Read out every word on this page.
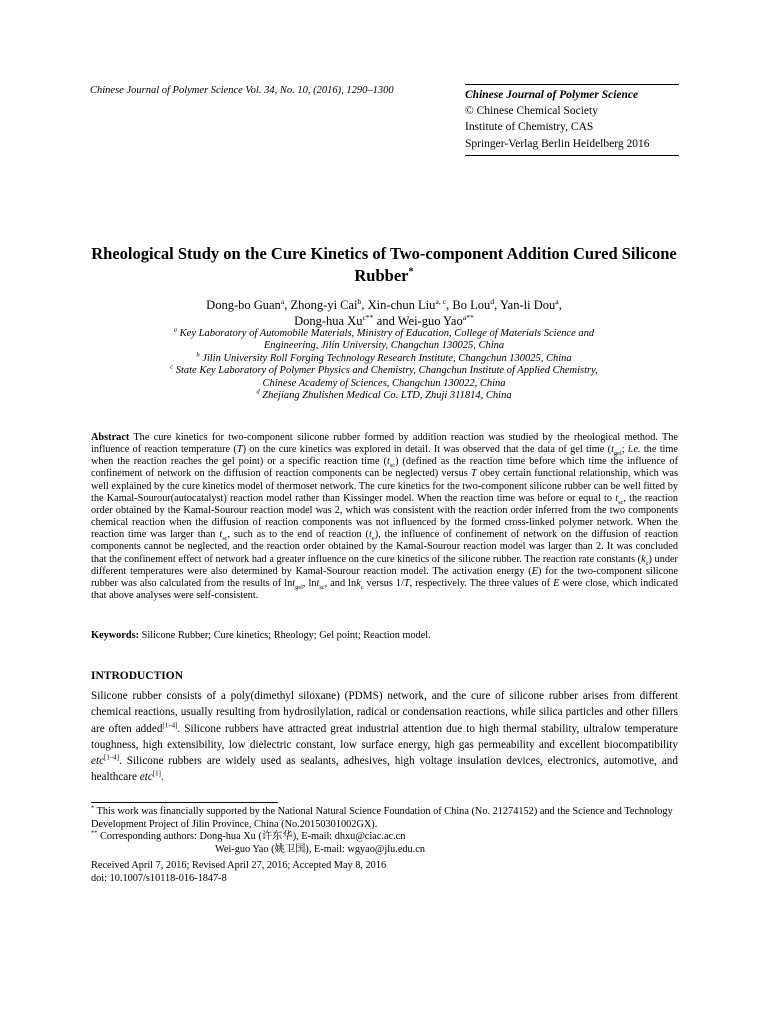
Chinese Journal of Polymer Science Vol. 34, No. 10, (2016), 1290–1300	Chinese Journal of Polymer Science
© Chinese Chemical Society
Institute of Chemistry, CAS
Springer-Verlag Berlin Heidelberg 2016
Rheological Study on the Cure Kinetics of Two-component Addition Cured Silicone Rubber*
Dong-bo Guan$^a$, Zhong-yi Cai$^b$, Xin-chun Liu$^{a, c}$, Bo Lou$^d$, Yan-li Dou$^a$,
Dong-hua $Xu^{c**}$ and Wei-guo Yao$^{a**}$
$^a$ Key Laboratory of Automobile Materials, Ministry of Education, College of Materials Science and
Engineering, Jilin University, Changchun 130025, China
$^b$ Jilin University Roll Forging Technology Research Institute, Changchun 130025, China
$^c$ State Key Laboratory of Polymer Physics and Chemistry, Changchun Institute of Applied Chemistry,
Chinese Academy of Sciences, Changchun 130022, China
$^d$ Zhejiang Zhulishen Medical Co. LTD, Zhuji 311814, China
Abstract The cure kinetics for two-component silicone rubber formed by addition reaction was studied by the rheological method. The influence of reaction temperature (T) on the cure kinetics was explored in detail. It was observed that the data of gel time ($t_{gel}$; i.e. the time when the reaction reaches the gel point) or a specific reaction time $(t_{sc})$ (defined as the reaction time before which time the influence of confinement of network on the diffusion of reaction components can be neglected) versus T obey certain functional relationship, which was well explained by the cure kinetics model of thermoset network. The cure kinetics for the two-component silicone rubber can be well fitted by the Kamal-Sourour(autocatalyst) reaction model rather than Kissinger model. When the reaction time was before or equal to $t_{sc}$, the reaction order obtained by the Kamal-Sourour reaction model was 2, which was consistent with the reaction order inferred from the two components chemical reaction when the diffusion of reaction components was not influenced by the formed cross-linked polymer network. When the reaction time was larger than $t_{sc}$, such as to the end of reaction $(t_e)$, the influence of confinement of network on the diffusion of reaction components cannot be neglected, and the reaction order obtained by the Kamal-Sourour reaction model was larger than 2. It was concluded that the confinement effect of network had a greater influence on the cure kinetics of the silicone rubber. The reaction rate constants $(k_c)$ under different temperatures were also determined by Kamal-Sourour reaction model. The activation energy (E) for the two-component silicone rubber was also calculated from the results of lnt$_{gel}$, lnt$_{sc}$, and lnk$_c$ versus 1/T, respectively. The three values of E were close, which indicated that above analyses were self-consistent.
Keywords: Silicone Rubber; Cure kinetics; Rheology; Gel point; Reaction model.
INTRODUCTION
Silicone rubber consists of a poly(dimethyl siloxane) (PDMS) network, and the cure of silicone rubber arises from different chemical reactions, usually resulting from hydrosilylation, radical or condensation reactions, while silica particles and other fillers are often added[1–4]. Silicone rubbers have attracted great industrial attention due to high thermal stability, ultralow temperature toughness, high extensibility, low dielectric constant, low surface energy, high gas permeability and excellent biocompatibility etc[1–4]. Silicone rubbers are widely used as sealants, adhesives, high voltage insulation devices, electronics, automotive, and healthcare etc[1].
* This work was financially supported by the National Natural Science Foundation of China (No. 21274152) and the Science and Technology Development Project of Jilin Province, China (No.20150301002GX).
** Corresponding authors: Dong-hua Xu (许东华), E-mail: dhxu@ciac.ac.cn
Wei-guo Yao (姚卫国), E-mail: wgyao@jlu.edu.cn
Received April 7, 2016; Revised April 27, 2016; Accepted May 8, 2016
doi: 10.1007/s10118-016-1847-8
